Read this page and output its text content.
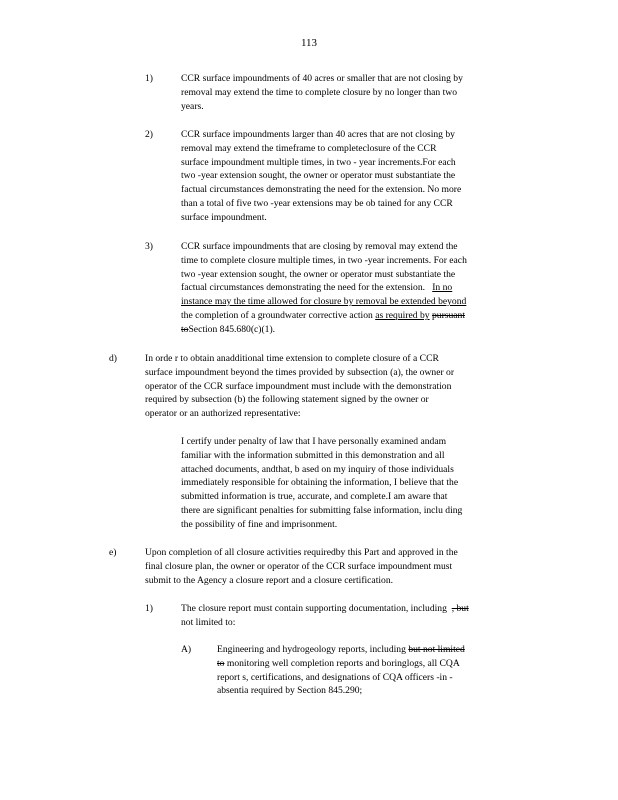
113
1)	CCR surface impoundments of 40 acres or smaller that are not closing by
removal may extend the time to complete closure by no longer than two
years.
2)	CCR surface impoundments larger than 40 acres that are not closing by
removal may extend the timeframe to completeclosure of the CCR
surface impoundment multiple times, in two - year increments.For each
two -year extension sought, the owner or operator must substantiate the
factual circumstances demonstrating the need for the extension. No more
than a total of five two -year extensions may be ob tained for any CCR
surface impoundment.
3)	CCR surface impoundments that are closing by removal may extend the
time to complete closure multiple times, in two -year increments. For each
two -year extension sought, the owner or operator must substantiate the
factual circumstances demonstrating the need for the extension. In no
instance may the time allowed for closure by removal be extended beyond
the completion of a groundwater corrective action as required by pursuant
toSection 845.680(c)(1).
d)	In orde r to obtain anadditional time extension to complete closure of a CCR
surface impoundment beyond the times provided by subsection (a), the owner or
operator of the CCR surface impoundment must include with the demonstration
required by subsection (b) the following statement signed by the owner or
operator or an authorized representative:
I certify under penalty of law that I have personally examined andam
familiar with the information submitted in this demonstration and all
attached documents, andthat, b ased on my inquiry of those individuals
immediately responsible for obtaining the information, I believe that the
submitted information is true, accurate, and complete.I am aware that
there are significant penalties for submitting false information, inclu ding
the possibility of fine and imprisonment.
e)	Upon completion of all closure activities requiredby this Part and approved in the
final closure plan, the owner or operator of the CCR surface impoundment must
submit to the Agency a closure report and a closure certification.
1)	The closure report must contain supporting documentation, including , but
not limited to:
A)	Engineering and hydrogeology reports, including but not limited
to monitoring well completion reports and boringlogs, all CQA
report s, certifications, and designations of CQA officers -in -
absentia required by Section 845.290;
